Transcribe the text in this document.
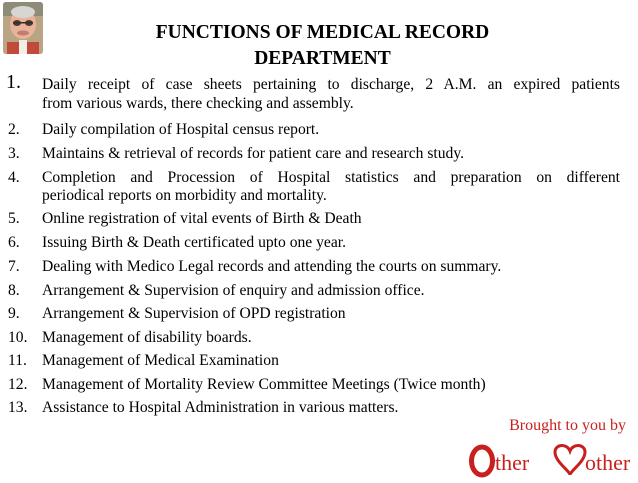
FUNCTIONS OF MEDICAL RECORD
DEPARTMENT
1. Daily receipt of case sheets pertaining to discharge, 2 A.M. an expired patients
from various wards, there checking and assembly.
2. Daily compilation of Hospital census report.
3. Maintains & retrieval of records for patient care and research study.
4. Completion and Procession of Hospital statistics and preparation on different
periodical reports on morbidity and mortality.
5. Online registration of vital events of Birth & Death
6. Issuing Birth & Death certificated upto one year.
7. Dealing with Medico Legal records and attending the courts on summary.
8. Arrangement & Supervision of enquiry and admission office.
9. Arrangement & Supervision of OPD registration
10. Management of disability boards.
11. Management of Medical Examination
12. Management of Mortality Review Committee Meetings (Twice month)
13. Assistance to Hospital Administration in various matters.
Brought to you by
ther	other
